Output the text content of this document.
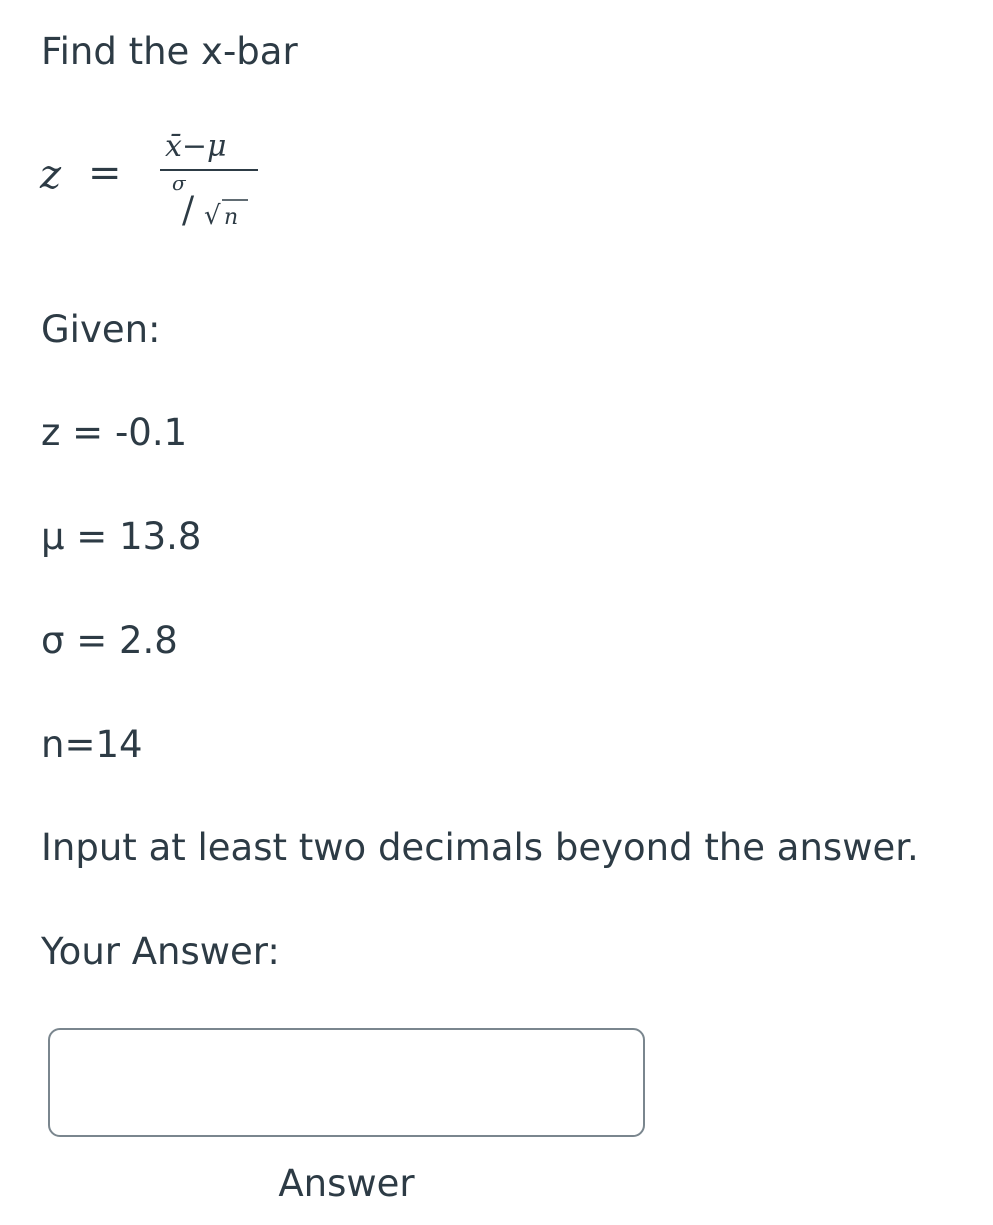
Find the x-bar
z =
x̄−μ
σ
/ √ n
Given:
z = -0.1
μ = 13.8
σ = 2.8
n=14
Input at least two decimals beyond the answer.
Your Answer:
Answer
